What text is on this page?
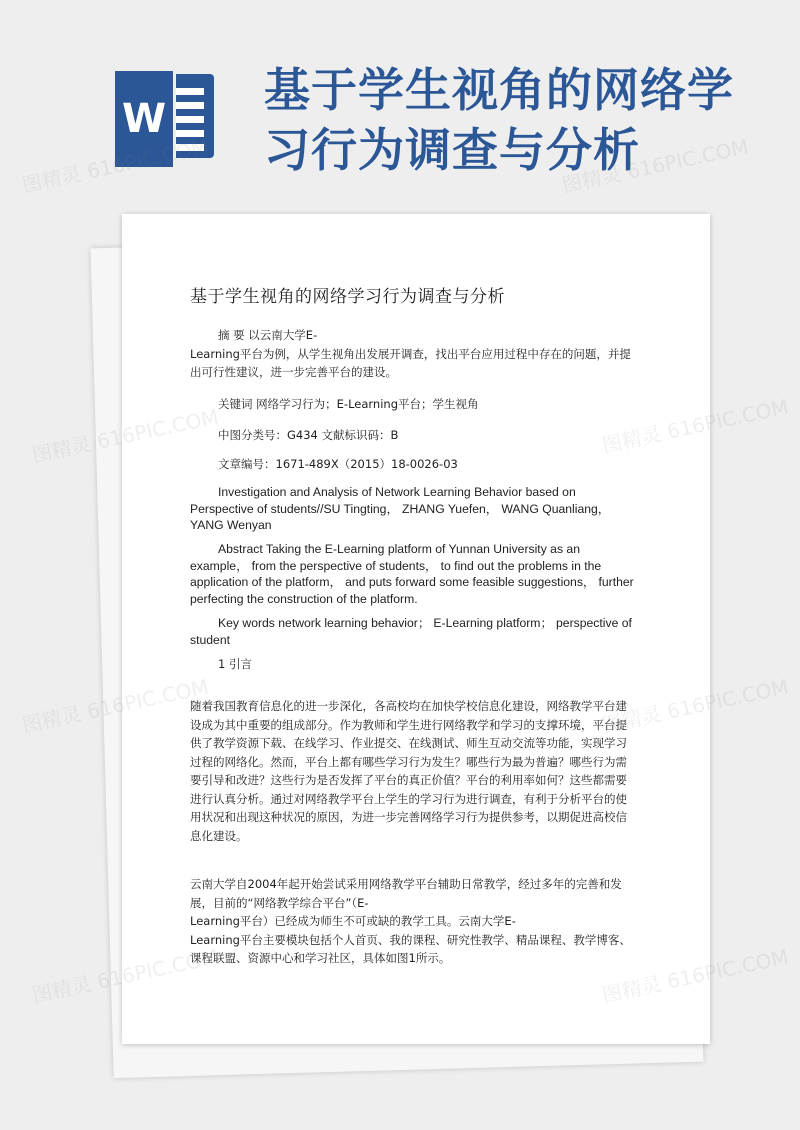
W
基于学生视角的网络学习行为调查与分析
基于学生视角的网络学习行为调查与分析

摘 要 以云南大学E-
Learning平台为例，从学生视角出发展开调查，找出平台应用过程中存在的问题，并提出可行性建议，进一步完善平台的建设。

关键词 网络学习行为；E-Learning平台；学生视角

中图分类号：G434 文献标识码：B

文章编号：1671-489X（2015）18-0026-03

Investigation and Analysis of Network Learning Behavior based on Perspective of students//SU Tingting， ZHANG Yuefen， WANG Quanliang，YANG Wenyan

Abstract Taking the E-Learning platform of Yunnan University as an example， from the perspective of students， to find out the problems in the application of the platform， and puts forward some feasible suggestions， further perfecting the construction of the platform.

Key words network learning behavior； E-Learning platform； perspective of student

1 引言

随着我国教育信息化的进一步深化，各高校均在加快学校信息化建设，网络教学平台建设成为其中重要的组成部分。作为教师和学生进行网络教学和学习的支撑环境，平台提供了教学资源下载、在线学习、作业提交、在线测试、师生互动交流等功能，实现学习过程的网络化。然而，平台上都有哪些学习行为发生？哪些行为最为普遍？哪些行为需要引导和改进？这些行为是否发挥了平台的真正价值？平台的利用率如何？这些都需要进行认真分析。通过对网络教学平台上学生的学习行为进行调查，有利于分析平台的使用状况和出现这种状况的原因，为进一步完善网络学习行为提供参考，以期促进高校信息化建设。

云南大学自2004年起开始尝试采用网络教学平台辅助日常教学，经过多年的完善和发展，目前的“网络教学综合平台”（E-
Learning平台）已经成为师生不可或缺的教学工具。云南大学E-
Learning平台主要模块包括个人首页、我的课程、研究性教学、精品课程、教学博客、课程联盟、资源中心和学习社区，具体如图1所示。

图精灵	图精灵 616PIC.COM
图精灵
616PIC.COM
图精灵	616PIC.COM
图精灵	616PIC.COM
